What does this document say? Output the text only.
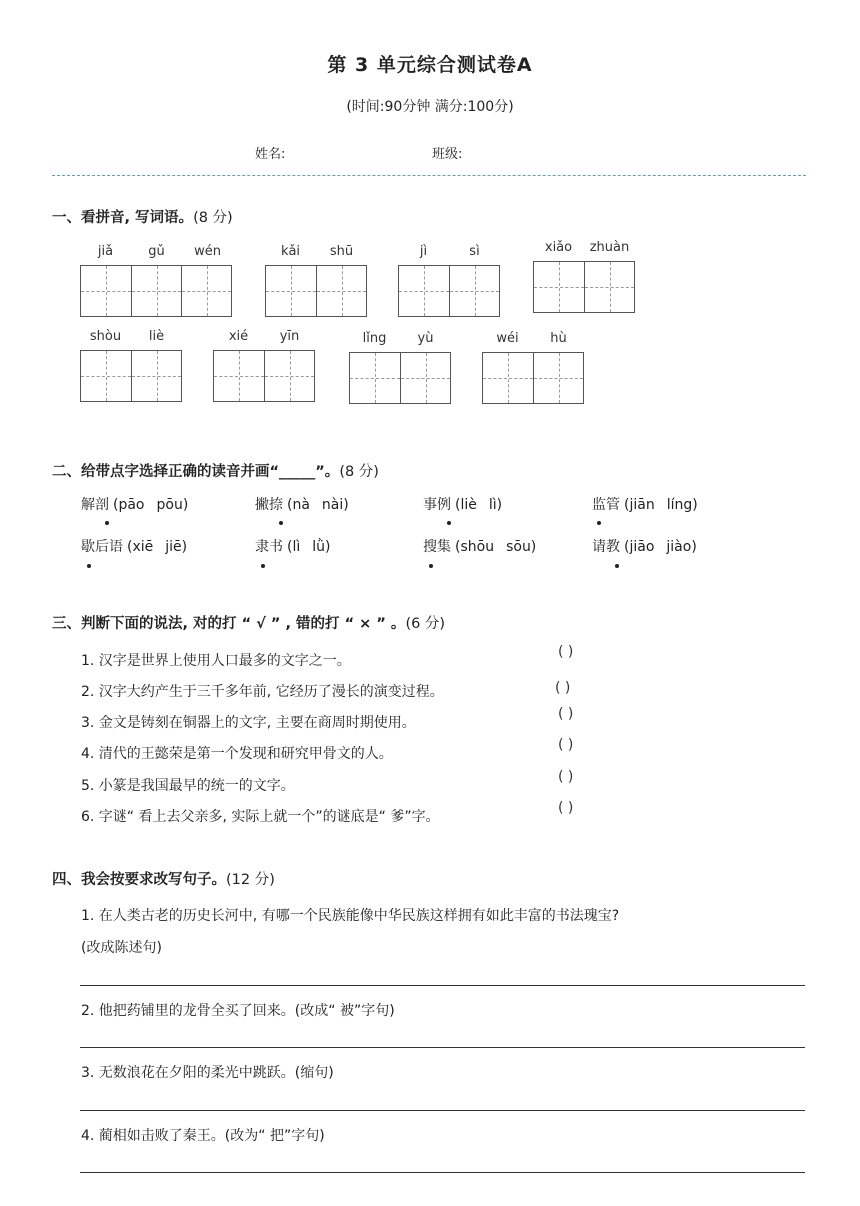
第 3 单元综合测试卷A
(时间:90分钟 满分:100分)
姓名:	班级:
一、看拼音, 写词语。(8 分)
jiǎ	gǔ	wén	kǎi	shū	jì	sì	xiǎo	zhuàn
shòu	liè	xié	yīn	lǐng	yù	wéi	hù
二、给带点字选择正确的读音并画“_____”。(8 分)
解剖 (pāo pōu)	撇捺 (nà nài)	事例 (liè lì)	监管 (jiān líng)
歇后语 (xiē jiē)	隶书 (lì lǜ)	搜集 (shōu sōu)	请教 (jiāo jiào)
三、判断下面的说法, 对的打 “ √ ” , 错的打 “ × ” 。(6 分)
1. 汉字是世界上使用人口最多的文字之一。
( )
2. 汉字大约产生于三千多年前, 它经历了漫长的演变过程。	( )
3. 金文是铸刻在铜器上的文字, 主要在商周时期使用。
( )
4. 清代的王懿荣是第一个发现和研究甲骨文的人。
( )
5. 小篆是我国最早的统一的文字。
( )
6. 字谜“ 看上去父亲多, 实际上就一个”的谜底是“ 爹”字。
( )
四、我会按要求改写句子。(12 分)
1. 在人类古老的历史长河中, 有哪一个民族能像中华民族这样拥有如此丰富的书法瑰宝?
(改成陈述句)
2. 他把药铺里的龙骨全买了回来。(改成“ 被”字句)
3. 无数浪花在夕阳的柔光中跳跃。(缩句)
4. 蔺相如击败了秦王。(改为“ 把”字句)
